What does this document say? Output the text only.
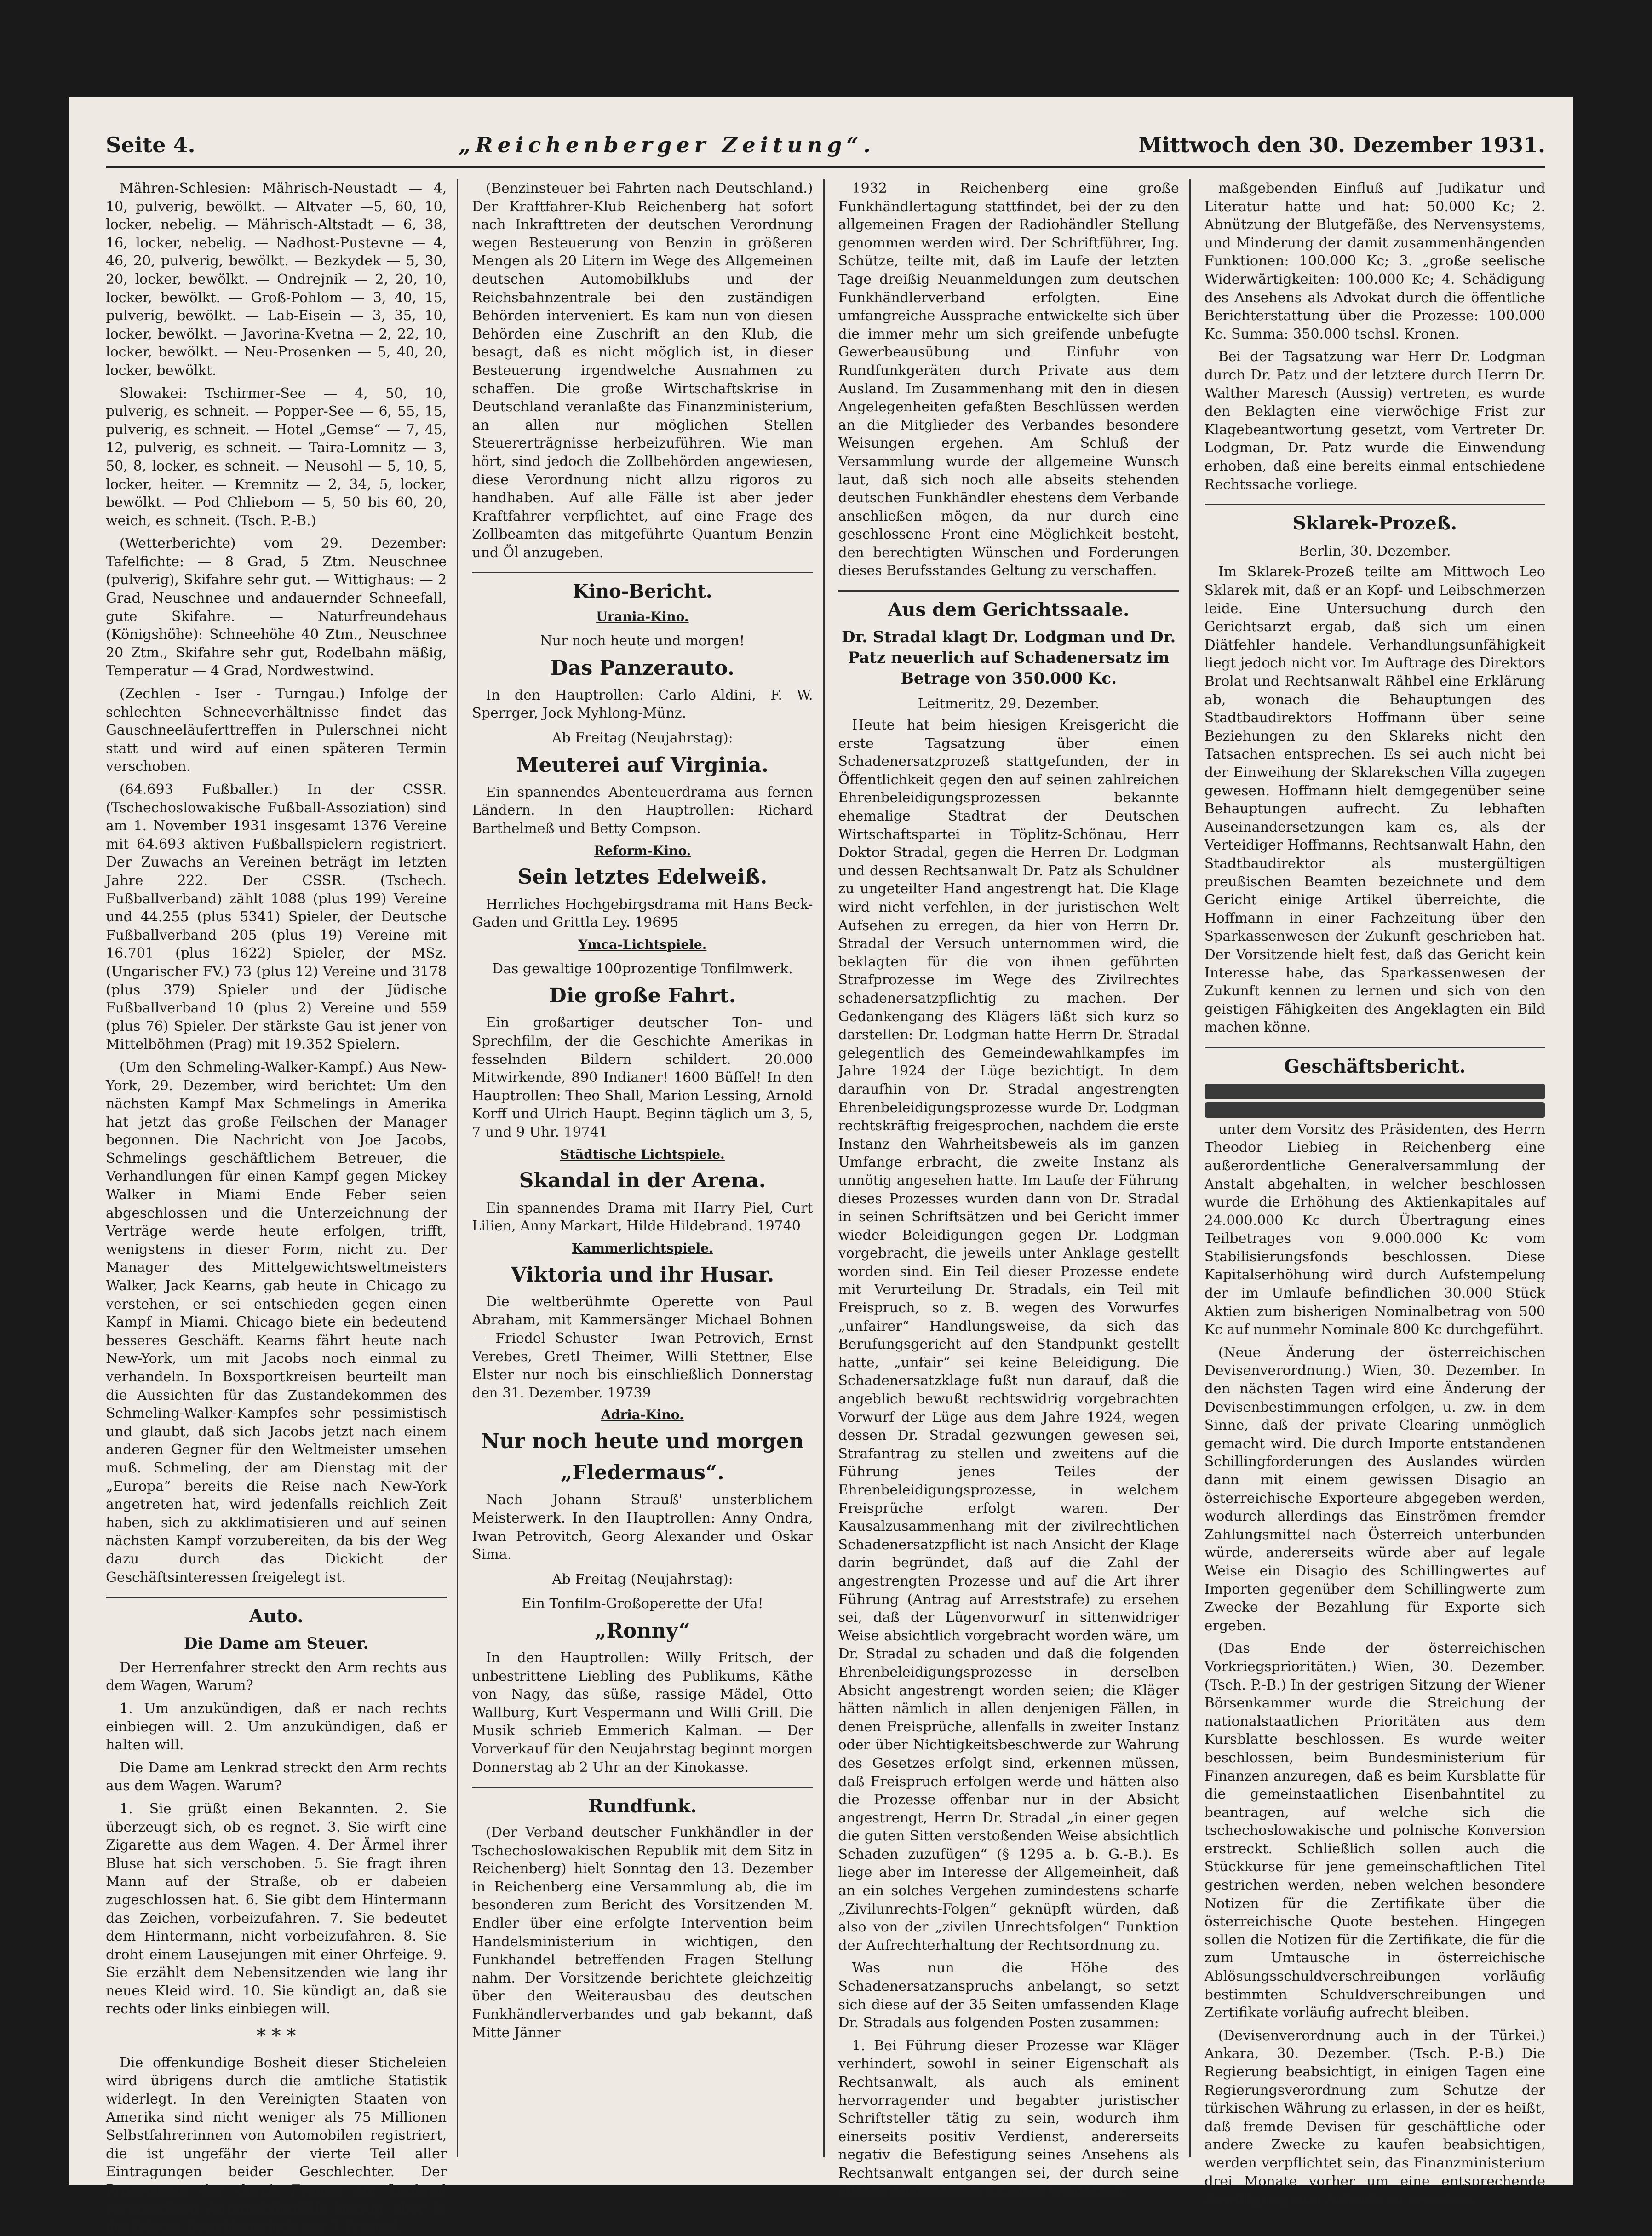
Seite 4.	„Reichenberger Zeitung“.	Mittwoch den 30. Dezember 1931.

Mähren-Schlesien: Mährisch-Neustadt — 4, 10, pulverig, bewölkt. — Altvater —5, 60, 10, locker, nebelig. — Mährisch-Altstadt — 6, 38, 16, locker, nebelig. — Nadhost-Pustevne — 4, 46, 20, pulverig, bewölkt. — Bezkydek — 5, 30, 20, locker, bewölkt. — Ondrejnik — 2, 20, 10, locker, bewölkt. — Groß-Pohlom — 3, 40, 15, pulverig, bewölkt. — Lab-Eisein — 3, 35, 10, locker, bewölkt. — Javorina-Kvetna — 2, 22, 10, locker, bewölkt. — Neu-Prosenken — 5, 40, 20, locker, bewölkt.

Slowakei: Tschirmer-See — 4, 50, 10, pulverig, es schneit. — Popper-See — 6, 55, 15, pulverig, es schneit. — Hotel „Gemse“ — 7, 45, 12, pulverig, es schneit. — Taira-Lomnitz — 3, 50, 8, locker, es schneit. — Neusohl — 5, 10, 5, locker, heiter. — Kremnitz — 2, 34, 5, locker, bewölkt. — Pod Chliebom — 5, 50 bis 60, 20, weich, es schneit. (Tsch. P.-B.)

(Wetterberichte) vom 29. Dezember: Tafelfichte: — 8 Grad, 5 Ztm. Neuschnee (pulverig), Skifahre sehr gut. — Wittighaus: — 2 Grad, Neuschnee und andauernder Schneefall, gute Skifahre. — Naturfreundehaus (Königshöhe): Schneehöhe 40 Ztm., Neuschnee 20 Ztm., Skifahre sehr gut, Rodelbahn mäßig, Temperatur — 4 Grad, Nordwestwind.

(Zechlen - Iser - Turngau.) Infolge der schlechten Schneeverhältnisse findet das Gauschneeläuferttreffen in Pulerschnei nicht statt und wird auf einen späteren Termin verschoben.

(64.693 Fußballer.) In der CSSR. (Tschechoslowakische Fußball-Assoziation) sind am 1. November 1931 insgesamt 1376 Vereine mit 64.693 aktiven Fußballspielern registriert. Der Zuwachs an Vereinen beträgt im letzten Jahre 222. Der CSSR. (Tschech. Fußballverband) zählt 1088 (plus 199) Vereine und 44.255 (plus 5341) Spieler, der Deutsche Fußballverband 205 (plus 19) Vereine mit 16.701 (plus 1622) Spieler, der MSz. (Ungarischer FV.) 73 (plus 12) Vereine und 3178 (plus 379) Spieler und der Jüdische Fußballverband 10 (plus 2) Vereine und 559 (plus 76) Spieler. Der stärkste Gau ist jener von Mittelböhmen (Prag) mit 19.352 Spielern.

(Um den Schmeling-Walker-Kampf.) Aus New-York, 29. Dezember, wird berichtet: Um den nächsten Kampf Max Schmelings in Amerika hat jetzt das große Feilschen der Manager begonnen. Die Nachricht von Joe Jacobs, Schmelings geschäftlichem Betreuer, die Verhandlungen für einen Kampf gegen Mickey Walker in Miami Ende Feber seien abgeschlossen und die Unterzeichnung der Verträge werde heute erfolgen, trifft, wenigstens in dieser Form, nicht zu. Der Manager des Mittelgewichtsweltmeisters Walker, Jack Kearns, gab heute in Chicago zu verstehen, er sei entschieden gegen einen Kampf in Miami. Chicago biete ein bedeutend besseres Geschäft. Kearns fährt heute nach New-York, um mit Jacobs noch einmal zu verhandeln. In Boxsportkreisen beurteilt man die Aussichten für das Zustandekommen des Schmeling-Walker-Kampfes sehr pessimistisch und glaubt, daß sich Jacobs jetzt nach einem anderen Gegner für den Weltmeister umsehen muß. Schmeling, der am Dienstag mit der „Europa“ bereits die Reise nach New-York angetreten hat, wird jedenfalls reichlich Zeit haben, sich zu akklimatisieren und auf seinen nächsten Kampf vorzubereiten, da bis der Weg dazu durch das Dickicht der Geschäftsinteressen freigelegt ist.

Auto.
Die Dame am Steuer.

Der Herrenfahrer streckt den Arm rechts aus dem Wagen, Warum?

1. Um anzukündigen, daß er nach rechts einbiegen will. 2. Um anzukündigen, daß er halten will.

Die Dame am Lenkrad streckt den Arm rechts aus dem Wagen. Warum?

1. Sie grüßt einen Bekannten. 2. Sie überzeugt sich, ob es regnet. 3. Sie wirft eine Zigarette aus dem Wagen. 4. Der Ärmel ihrer Bluse hat sich verschoben. 5. Sie fragt ihren Mann auf der Straße, ob er dabeien zugeschlossen hat. 6. Sie gibt dem Hintermann das Zeichen, vorbeizufahren. 7. Sie bedeutet dem Hintermann, nicht vorbeizufahren. 8. Sie droht einem Lausejungen mit einer Ohrfeige. 9. Sie erzählt dem Nebensitzenden wie lang ihr neues Kleid wird. 10. Sie kündigt an, daß sie rechts oder links einbiegen will.

* * *

Die offenkundige Bosheit dieser Sticheleien wird übrigens durch die amtliche Statistik widerlegt. In den Vereinigten Staaten von Amerika sind nicht weniger als 75 Millionen Selbstfahrerinnen von Automobilen registriert, die ist ungefähr der vierte Teil aller Eintragungen beider Geschlechter. Der Prozentsatz der durch Frauen am Lenkrad verursachten Automobilunfälle betrug aber in der letzten Berichtsperiode nur 7 Prozent.

(Benzinsteuer bei Fahrten nach Deutschland.) Der Kraftfahrer-Klub Reichenberg hat sofort nach Inkrafttreten der deutschen Verordnung wegen Besteuerung von Benzin in größeren Mengen als 20 Litern im Wege des Allgemeinen deutschen Automobilklubs und der Reichsbahnzentrale bei den zuständigen Behörden interveniert. Es kam nun von diesen Behörden eine Zuschrift an den Klub, die besagt, daß es nicht möglich ist, in dieser Besteuerung irgendwelche Ausnahmen zu schaffen. Die große Wirtschaftskrise in Deutschland veranlaßte das Finanzministerium, an allen nur möglichen Stellen Steuererträgnisse herbeizuführen. Wie man hört, sind jedoch die Zollbehörden angewiesen, diese Verordnung nicht allzu rigoros zu handhaben. Auf alle Fälle ist aber jeder Kraftfahrer verpflichtet, auf eine Frage des Zollbeamten das mitgeführte Quantum Benzin und Öl anzugeben.

Kino-Bericht.
Urania-Kino.
Nur noch heute und morgen!
Das Panzerauto.

In den Hauptrollen: Carlo Aldini, F. W. Sperrger, Jock Myhlong-Münz.

Ab Freitag (Neujahrstag):
Meuterei auf Virginia.

Ein spannendes Abenteuerdrama aus fernen Ländern. In den Hauptrollen: Richard Barthelmeß und Betty Compson.

Reform-Kino.
Sein letztes Edelweiß.

Herrliches Hochgebirgsdrama mit Hans Beck-Gaden und Grittla Ley. 19695

Ymca-Lichtspiele.
Das gewaltige 100prozentige Tonfilmwerk.
Die große Fahrt.

Ein großartiger deutscher Ton- und Sprechfilm, der die Geschichte Amerikas in fesselnden Bildern schildert. 20.000 Mitwirkende, 890 Indianer! 1600 Büffel! In den Hauptrollen: Theo Shall, Marion Lessing, Arnold Korff und Ulrich Haupt. Beginn täglich um 3, 5, 7 und 9 Uhr. 19741

Städtische Lichtspiele.
Skandal in der Arena.

Ein spannendes Drama mit Harry Piel, Curt Lilien, Anny Markart, Hilde Hildebrand. 19740

Kammerlichtspiele.
Viktoria und ihr Husar.

Die weltberühmte Operette von Paul Abraham, mit Kammersänger Michael Bohnen — Friedel Schuster — Iwan Petrovich, Ernst Verebes, Gretl Theimer, Willi Stettner, Else Elster nur noch bis einschließlich Donnerstag den 31. Dezember. 19739

Adria-Kino.
Nur noch heute und morgen
„Fledermaus“.

Nach Johann Strauß' unsterblichem Meisterwerk. In den Hauptrollen: Anny Ondra, Iwan Petrovitch, Georg Alexander und Oskar Sima.

Ab Freitag (Neujahrstag):
Ein Tonfilm-Großoperette der Ufa!
„Ronny“

In den Hauptrollen: Willy Fritsch, der unbestrittene Liebling des Publikums, Käthe von Nagy, das süße, rassige Mädel, Otto Wallburg, Kurt Vespermann und Willi Grill. Die Musik schrieb Emmerich Kalman. — Der Vorverkauf für den Neujahrstag beginnt morgen Donnerstag ab 2 Uhr an der Kinokasse.

Rundfunk.

(Der Verband deutscher Funkhändler in der Tschechoslowakischen Republik mit dem Sitz in Reichenberg) hielt Sonntag den 13. Dezember in Reichenberg eine Versammlung ab, die im besonderen zum Bericht des Vorsitzenden M. Endler über eine erfolgte Intervention beim Handelsministerium in wichtigen, den Funkhandel betreffenden Fragen Stellung nahm. Der Vorsitzende berichtete gleichzeitig über den Weiterausbau des deutschen Funkhändlerverbandes und gab bekannt, daß Mitte Jänner

1932 in Reichenberg eine große Funkhändlertagung stattfindet, bei der zu den allgemeinen Fragen der Radiohändler Stellung genommen werden wird. Der Schriftführer, Ing. Schütze, teilte mit, daß im Laufe der letzten Tage dreißig Neuanmeldungen zum deutschen Funkhändlerverband erfolgten. Eine umfangreiche Aussprache entwickelte sich über die immer mehr um sich greifende unbefugte Gewerbeausübung und Einfuhr von Rundfunkgeräten durch Private aus dem Ausland. Im Zusammenhang mit den in diesen Angelegenheiten gefaßten Beschlüssen werden an die Mitglieder des Verbandes besondere Weisungen ergehen. Am Schluß der Versammlung wurde der allgemeine Wunsch laut, daß sich noch alle abseits stehenden deutschen Funkhändler ehestens dem Verbande anschließen mögen, da nur durch eine geschlossene Front eine Möglichkeit besteht, den berechtigten Wünschen und Forderungen dieses Berufsstandes Geltung zu verschaffen.

Aus dem Gerichtssaale.
Dr. Stradal klagt Dr. Lodgman und Dr. Patz neuerlich auf Schadenersatz im Betrage von 350.000 Kc.
Leitmeritz, 29. Dezember.

Heute hat beim hiesigen Kreisgericht die erste Tagsatzung über einen Schadenersatzprozeß stattgefunden, der in Öffentlichkeit gegen den auf seinen zahlreichen Ehrenbeleidigungsprozessen bekannte ehemalige Stadtrat der Deutschen Wirtschaftspartei in Töplitz-Schönau, Herr Doktor Stradal, gegen die Herren Dr. Lodgman und dessen Rechtsanwalt Dr. Patz als Schuldner zu ungeteilter Hand angestrengt hat. Die Klage wird nicht verfehlen, in der juristischen Welt Aufsehen zu erregen, da hier von Herrn Dr. Stradal der Versuch unternommen wird, die beklagten für die von ihnen geführten Strafprozesse im Wege des Zivilrechtes schadenersatzpflichtig zu machen. Der Gedankengang des Klägers läßt sich kurz so darstellen: Dr. Lodgman hatte Herrn Dr. Stradal gelegentlich des Gemeindewahlkampfes im Jahre 1924 der Lüge bezichtigt. In dem daraufhin von Dr. Stradal angestrengten Ehrenbeleidigungsprozesse wurde Dr. Lodgman rechtskräftig freigesprochen, nachdem die erste Instanz den Wahrheitsbeweis als im ganzen Umfange erbracht, die zweite Instanz als unnötig angesehen hatte. Im Laufe der Führung dieses Prozesses wurden dann von Dr. Stradal in seinen Schriftsätzen und bei Gericht immer wieder Beleidigungen gegen Dr. Lodgman vorgebracht, die jeweils unter Anklage gestellt worden sind. Ein Teil dieser Prozesse endete mit Verurteilung Dr. Stradals, ein Teil mit Freispruch, so z. B. wegen des Vorwurfes „unfairer“ Handlungsweise, da sich das Berufungsgericht auf den Standpunkt gestellt hatte, „unfair“ sei keine Beleidigung. Die Schadenersatzklage fußt nun darauf, daß die angeblich bewußt rechtswidrig vorgebrachten Vorwurf der Lüge aus dem Jahre 1924, wegen dessen Dr. Stradal gezwungen gewesen sei, Strafantrag zu stellen und zweitens auf die Führung jenes Teiles der Ehrenbeleidigungsprozesse, in welchem Freisprüche erfolgt waren. Der Kausalzusammenhang mit der zivilrechtlichen Schadenersatzpflicht ist nach Ansicht der Klage darin begründet, daß auf die Zahl der angestrengten Prozesse und auf die Art ihrer Führung (Antrag auf Arreststrafe) zu ersehen sei, daß der Lügenvorwurf in sittenwidriger Weise absichtlich vorgebracht worden wäre, um Dr. Stradal zu schaden und daß die folgenden Ehrenbeleidigungsprozesse in derselben Absicht angestrengt worden seien; die Kläger hätten nämlich in allen denjenigen Fällen, in denen Freisprüche, allenfalls in zweiter Instanz oder über Nichtigkeitsbeschwerde zur Wahrung des Gesetzes erfolgt sind, erkennen müssen, daß Freispruch erfolgen werde und hätten also die Prozesse offenbar nur in der Absicht angestrengt, Herrn Dr. Stradal „in einer gegen die guten Sitten verstoßenden Weise absichtlich Schaden zuzufügen“ (§ 1295 a. b. G.-B.). Es liege aber im Interesse der Allgemeinheit, daß an ein solches Vergehen zumindestens scharfe „Zivilunrechts-Folgen“ geknüpft würden, daß also von der „zivilen Unrechtsfolgen“ Funktion der Aufrechterhaltung der Rechtsordnung zu.

Was nun die Höhe des Schadenersatzanspruchs anbelangt, so setzt sich diese auf der 35 Seiten umfassenden Klage Dr. Stradals aus folgenden Posten zusammen:

1. Bei Führung dieser Prozesse war Kläger verhindert, sowohl in seiner Eigenschaft als Rechtsanwalt, als auch als eminent hervorragender und begabter juristischer Schriftsteller tätig zu sein, wodurch ihm einerseits positiv Verdienst, andererseits negativ die Befestigung seines Ansehens als Rechtsanwalt entgangen sei, der durch seine allseits anerkannten Arbeiten wiederholt

maßgebenden Einfluß auf Judikatur und Literatur hatte und hat: 50.000 Kc; 2. Abnützung der Blutgefäße, des Nervensystems, und Minderung der damit zusammenhängenden Funktionen: 100.000 Kc; 3. „große seelische Widerwärtigkeiten: 100.000 Kc; 4. Schädigung des Ansehens als Advokat durch die öffentliche Berichterstattung über die Prozesse: 100.000 Kc. Summa: 350.000 tschsl. Kronen.

Bei der Tagsatzung war Herr Dr. Lodgman durch Dr. Patz und der letztere durch Herrn Dr. Walther Maresch (Aussig) vertreten, es wurde den Beklagten eine vierwöchige Frist zur Klagebeantwortung gesetzt, vom Vertreter Dr. Lodgman, Dr. Patz wurde die Einwendung erhoben, daß eine bereits einmal entschiedene Rechtssache vorliege.

Sklarek-Prozeß.
Berlin, 30. Dezember.

Im Sklarek-Prozeß teilte am Mittwoch Leo Sklarek mit, daß er an Kopf- und Leibschmerzen leide. Eine Untersuchung durch den Gerichtsarzt ergab, daß sich um einen Diätfehler handele. Verhandlungsunfähigkeit liegt jedoch nicht vor. Im Auftrage des Direktors Brolat und Rechtsanwalt Rähbel eine Erklärung ab, wonach die Behauptungen des Stadtbaudirektors Hoffmann über seine Beziehungen zu den Sklareks nicht den Tatsachen entsprechen. Es sei auch nicht bei der Einweihung der Sklarekschen Villa zugegen gewesen. Hoffmann hielt demgegenüber seine Behauptungen aufrecht. Zu lebhaften Auseinandersetzungen kam es, als der Verteidiger Hoffmanns, Rechtsanwalt Hahn, den Stadtbaudirektor als mustergültigen preußischen Beamten bezeichnete und dem Gericht einige Artikel überreichte, die Hoffmann in einer Fachzeitung über den Sparkassenwesen der Zukunft geschrieben hat. Der Vorsitzende hielt fest, daß das Gericht kein Interesse habe, das Sparkassenwesen der Zukunft kennen zu lernen und sich von den geistigen Fähigkeiten des Angeklagten ein Bild machen könne.

Geschäftsbericht.

unter dem Vorsitz des Präsidenten, des Herrn Theodor Liebieg in Reichenberg eine außerordentliche Generalversammlung der Anstalt abgehalten, in welcher beschlossen wurde die Erhöhung des Aktienkapitales auf 24.000.000 Kc durch Übertragung eines Teilbetrages von 9.000.000 Kc vom Stabilisierungsfonds beschlossen. Diese Kapitalserhöhung wird durch Aufstempelung der im Umlaufe befindlichen 30.000 Stück Aktien zum bisherigen Nominalbetrag von 500 Kc auf nunmehr Nominale 800 Kc durchgeführt.

(Neue Änderung der österreichischen Devisenverordnung.) Wien, 30. Dezember. In den nächsten Tagen wird eine Änderung der Devisenbestimmungen erfolgen, u. zw. in dem Sinne, daß der private Clearing unmöglich gemacht wird. Die durch Importe entstandenen Schillingforderungen des Auslandes würden dann mit einem gewissen Disagio an österreichische Exporteure abgegeben werden, wodurch allerdings das Einströmen fremder Zahlungsmittel nach Österreich unterbunden würde, andererseits würde aber auf legale Weise ein Disagio des Schillingwertes auf Importen gegenüber dem Schillingwerte zum Zwecke der Bezahlung für Exporte sich ergeben.

(Das Ende der österreichischen Vorkriegsprioritäten.) Wien, 30. Dezember. (Tsch. P.-B.) In der gestrigen Sitzung der Wiener Börsenkammer wurde die Streichung der nationalstaatlichen Prioritäten aus dem Kursblatte beschlossen. Es wurde weiter beschlossen, beim Bundesministerium für Finanzen anzuregen, daß es beim Kursblatte für die gemeinstaatlichen Eisenbahntitel zu beantragen, auf welche sich die tschechoslowakische und polnische Konversion erstreckt. Schließlich sollen auch die Stückkurse für jene gemeinschaftlichen Titel gestrichen werden, neben welchen besondere Notizen für die Zertifikate über die österreichische Quote bestehen. Hingegen sollen die Notizen für die Zertifikate, die für die zum Umtausche in österreichische Ablösungsschuldverschreibungen vorläufig bestimmten Schuldverschreibungen und Zertifikate vorläufig aufrecht bleiben.

(Devisenverordnung auch in der Türkei.) Ankara, 30. Dezember. (Tsch. P.-B.) Die Regierung beabsichtigt, in einigen Tagen eine Regierungsverordnung zum Schutze der türkischen Währung zu erlassen, in der es heißt, daß fremde Devisen für geschäftliche oder andere Zwecke zu kaufen beabsichtigen, werden verpflichtet sein, das Finanzministerium drei Monate vorher um eine entsprechende Bewilligung zum Ankaufe zu ersuchen.
